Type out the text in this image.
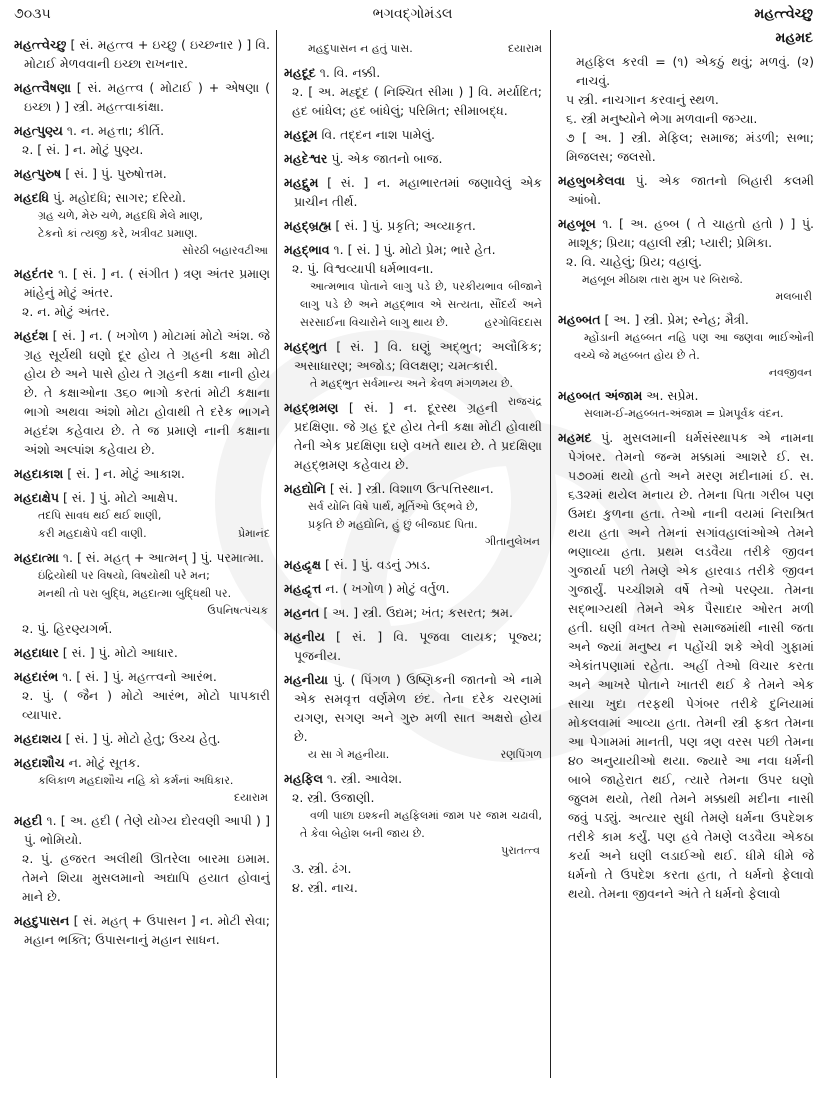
૭૦૩૫	ભગવદ્ગોમંડલ	મહત્ત્વેચ્છુ
મહમદ
મહત્ત્વેચ્છુ [ સં. મહત્ત્વ + ઇચ્છુ ( ઇચ્છનાર ) ] વિ. મોટાઈ મેળવવાની ઇચ્છા રાખનાર.
મહત્ત્વૈષણા [ સં. મહત્ત્વ ( મોટાઈ ) + એષણા ( ઇચ્છા ) ] સ્ત્રી. મહત્ત્વાકાંક્ષા.
મહત્પુણ્ય ૧. ન. મહત્તા; કીર્તિ.
૨. [ સં. ] ન. મોટું પુણ્ય.
મહત્પુરુષ [ સં. ] પું. પુરુષોત્તમ.
મહદધિ પું. મહોદધિ; સાગર; દરિયો.
ગ્રહ ચળે, મેરુ ચળે, મહદધિ મેલે માણ,
ટેકનો કાં ત્યજી કરે, ખત્રીવટ પ્રમાણ.
સોરઠી બહારવટીઆ
મહદંતર ૧. [ સં. ] ન. ( સંગીત ) ત્રણ અંતર પ્રમાણ માંહેનું મોટું અંતર.
૨. ન. મોટું અંતર.
મહદંશ [ સં. ] ન. ( ખગોળ ) મોટામાં મોટો અંશ. જે ગ્રહ સૂર્યથી ઘણો દૂર હોય તે ગ્રહની કક્ષા મોટી હોય છે અને પાસે હોય તે ગ્રહની કક્ષા નાની હોય છે. તે કક્ષાઓના ૩૬૦ ભાગો કરતાં મોટી કક્ષાના ભાગો અથવા અંશો મોટા હોવાથી તે દરેક ભાગને મહદંશ કહેવાય છે. તે જ પ્રમાણે નાની કક્ષાના અંશો અલ્પાંશ કહેવાય છે.
મહદાકાશ [ સં. ] ન. મોટું આકાશ.
મહદાક્ષેપ [ સં. ] પું. મોટો આક્ષેપ.
તદપિ સાવધ થઈ થઈ શાણી,
કરી મહદાક્ષેપે વદી વાણી.	પ્રેમાનંદ
મહદાત્મા ૧. [ સં. મહત્ + આત્મન્ ] પું. પરમાત્મા.
ઇંદ્રિયોથી પર વિષયો, વિષયોથી પરે મન;
મનથી તો પરા બુદ્ધિ, મહદાત્મા બુદ્ધિથી પર.
ઉપનિષત્પંચક
૨. પું. હિરણ્યગર્ભ.
મહદાધાર [ સં. ] પું. મોટો આધાર.
મહદારંભ ૧. [ સં. ] પું. મહત્ત્વનો આરંભ.
૨. પું. ( જૈન ) મોટો આરંભ, મોટો પાપકારી વ્યાપાર.
મહદાશય [ સં. ] પું. મોટો હેતુ; ઉચ્ચ હેતુ.
મહદાશૌચ ન. મોટું સૂતક.
કલિકાળ મહદાશૌચ નહિ કો કર્મનાં અધિકાર.
દયારામ
મહદી ૧. [ અ. હદી ( તેણે યોગ્ય દોરવણી આપી ) ] પું. ભોમિયો.
૨. પું. હજરત અલીથી ઊતરેલા બારમા ઇમામ. તેમને શિયા મુસલમાનો અદ્યાપિ હયાત હોવાનું માને છે.
મહદુપાસન [ સં. મહત્ + ઉપાસન ] ન. મોટી સેવા; મહાન ભક્તિ; ઉપાસનાનું મહાન સાધન.
મહદુપાસન ન હતું પાસ.	દયારામ
મહદૂદ ૧. વિ. નક્કી.
૨. [ અ. મહ્દૂદ ( નિશ્ચિત સીમા ) ] વિ. મર્યાદિત; હદ બાંધેલ; હદ બાંધેલું; પરિમિત; સીમાબદ્ધ.
મહદૂમ વિ. તદ્દન નાશ પામેલું.
મહદેશ્વર પું. એક જાતનો બાજ.
મહદ્દ્રુમ [ સં. ] ન. મહાભારતમાં જણાવેલું એક પ્રાચીન તીર્થ.
મહદ્બ્રહ્મ [ સં. ] પું. પ્રકૃતિ; અવ્યાકૃત.
મહદ્ભાવ ૧. [ સં. ] પું. મોટો પ્રેમ; ભારે હેત.
૨. પું. વિશ્વવ્યાપી ધર્મભાવના.
આત્મભાવ પોતાને લાગુ પડે છે, પરકીયભાવ બીજાને લાગુ પડે છે અને મહદ્ભાવ એ સત્યતા, સૌંદર્ય અને સરસાઈના વિચારોને લાગુ થાય છે.	હરગોવિંદદાસ
મહદ્ભુત [ સં. ] વિ. ઘણું અદ્ભુત; અલૌકિક; અસાધારણ; અજોડ; વિલક્ષણ; ચમત્કારી.
તે મહદ્ભુત સર્વમાન્ય અને કેવળ મંગળમય છે.
રાજચંદ્ર
મહદ્ભ્રમણ [ સં. ] ન. દૂરસ્થ ગ્રહની પ્રદક્ષિણા. જે ગ્રહ દૂર હોય તેની કક્ષા મોટી હોવાથી તેની એક પ્રદક્ષિણા ઘણે વખતે થાય છે. તે પ્રદક્ષિણા મહદ્ભ્રમણ કહેવાય છે.
મહદ્યોનિ [ સં. ] સ્ત્રી. વિશાળ ઉત્પત્તિસ્થાન.
સર્વ યોનિ વિષે પાર્થ, મૂર્તિઓ ઉદ્ભવે છે,
પ્રકૃતિ છે મહદ્યોનિ, હું છું બીજપ્રદ પિતા.
ગીતાનુલેખન
મહદ્વૃક્ષ [ સં. ] પું. વડનું ઝાડ.
મહદ્વૃત્ત ન. ( ખગોળ ) મોટું વર્તુળ.
મહનત [ અ. ] સ્ત્રી. ઉદ્યમ; ખંત; કસરત; શ્રમ.
મહનીય [ સં. ] વિ. પૂજવા લાયક; પૂજ્ય; પૂજનીય.
મહનીયા પું. ( પિંગળ ) ઉષ્ણિકની જાતનો એ નામે એક સમવૃત્ત વર્ણમેળ છંદ. તેના દરેક ચરણમાં યગણ, સગણ અને ગુરુ મળી સાત અક્ષરો હોય છે.
ય સા ગે મહનીયા.	રણપિંગળ
મહફિલ ૧. સ્ત્રી. આવેશ.
૨. સ્ત્રી. ઉજાણી.
વળી પાછા ઇશ્કની મહફિલમાં જામ પર જામ ચઢાવી, તે કેવા બેહોશ બની જાય છે.
પુરાતત્ત્વ
૩. સ્ત્રી. ઢંગ.
૪. સ્ત્રી. નાચ.
મહફિલ કરવી = (૧) એકઠું થવું; મળવું. (૨) નાચવું.
૫ સ્ત્રી. નાચગાન કરવાનું સ્થળ.
૬. સ્ત્રી મનુષ્યોને ભેગા મળવાની જગ્યા.
૭ [ અ. ] સ્ત્રી. મેફિલ; સમાજ; મંડળી; સભા; મિજલસ; જલસો.
મહબુબકેલવા પું. એક જાતનો બિહારી કલમી આંબો.
મહબૂબ ૧. [ અ. હબ્બ ( તે ચાહતો હતો ) ] પું. માશૂક; પ્રિયા; વહાલી સ્ત્રી; પ્યારી; પ્રેમિકા.
૨. વિ. ચાહેલું; પ્રિય; વહાલું.
મહબૂબ મીઠાશ તારા મુખ પર બિરાજે.
મલબારી
મહબ્બત [ અ. ] સ્ત્રી. પ્રેમ; સ્નેહ; મૈત્રી.
મ્હોંડાની મહબ્બત નહિ પણ આ જણવા ભાઈઓની વચ્ચે જે મહબ્બત હોય છે તે.
નવજીવન
મહબ્બત અંજામ અ. સપ્રેમ.
સલામ-ઈ-મહબ્બત-અંજામ = પ્રેમપૂર્વક વંદન.
મહમદ પું. મુસલમાની ધર્મસંસ્થાપક એ નામના પેગંબર. તેમનો જન્મ મક્કામાં આશરે ઈ. સ. ૫૭૦માં થયો હતો અને મરણ મદીનામાં ઈ. સ. ૬૩૨માં થયેલ મનાય છે. તેમના પિતા ગરીબ પણ ઉમદા કુળના હતા. તેઓ નાની વયમાં નિરાશ્રિત થયા હતા અને તેમનાં સગાંવહાલાંઓએ તેમને ભણાવ્યા હતા. પ્રથમ લડવૈયા તરીકે જીવન ગુજાર્યા પછી તેમણે એક હારવાડ તરીકે જીવન ગુજાર્યું. પચ્ચીશમે વર્ષે તેઓ પરણ્યા. તેમના સદ્ભાગ્યથી તેમને એક પૈસાદાર ઓરત મળી હતી. ઘણી વખત તેઓ સમાજમાંથી નાસી જતા અને જ્યાં મનુષ્ય ન પહોંચી શકે એવી ગુફામાં એકાંતપણામાં રહેતા. અહીં તેઓ વિચાર કરતા અને આખરે પોતાને ખાતરી થઈ કે તેમને એક સાચા ખુદા તરફથી પેગંબર તરીકે દુનિયામાં મોકલવામાં આવ્યા હતા. તેમની સ્ત્રી ફક્ત તેમના આ પેગામમાં માનતી, પણ ત્રણ વરસ પછી તેમના ૪૦ અનુયાયીઓ થયા. જ્યારે આ નવા ધર્મની બાબે જાહેરાત થઈ, ત્યારે તેમના ઉપર ઘણો જુલમ થયો, તેથી તેમને મક્કાથી મદીના નાસી જવું પડ્યું. અત્યાર સુધી તેમણે ધર્મના ઉપદેશક તરીકે કામ કર્યું. પણ હવે તેમણે લડવૈયા એકઠા કર્યા અને ઘણી લડાઈઓ થઈ. ધીમે ધીમે જે ધર્મનો તે ઉપદેશ કરતા હતા, તે ધર્મનો ફેલાવો થયો. તેમના જીવનને અંતે તે ધર્મનો ફેલાવો
